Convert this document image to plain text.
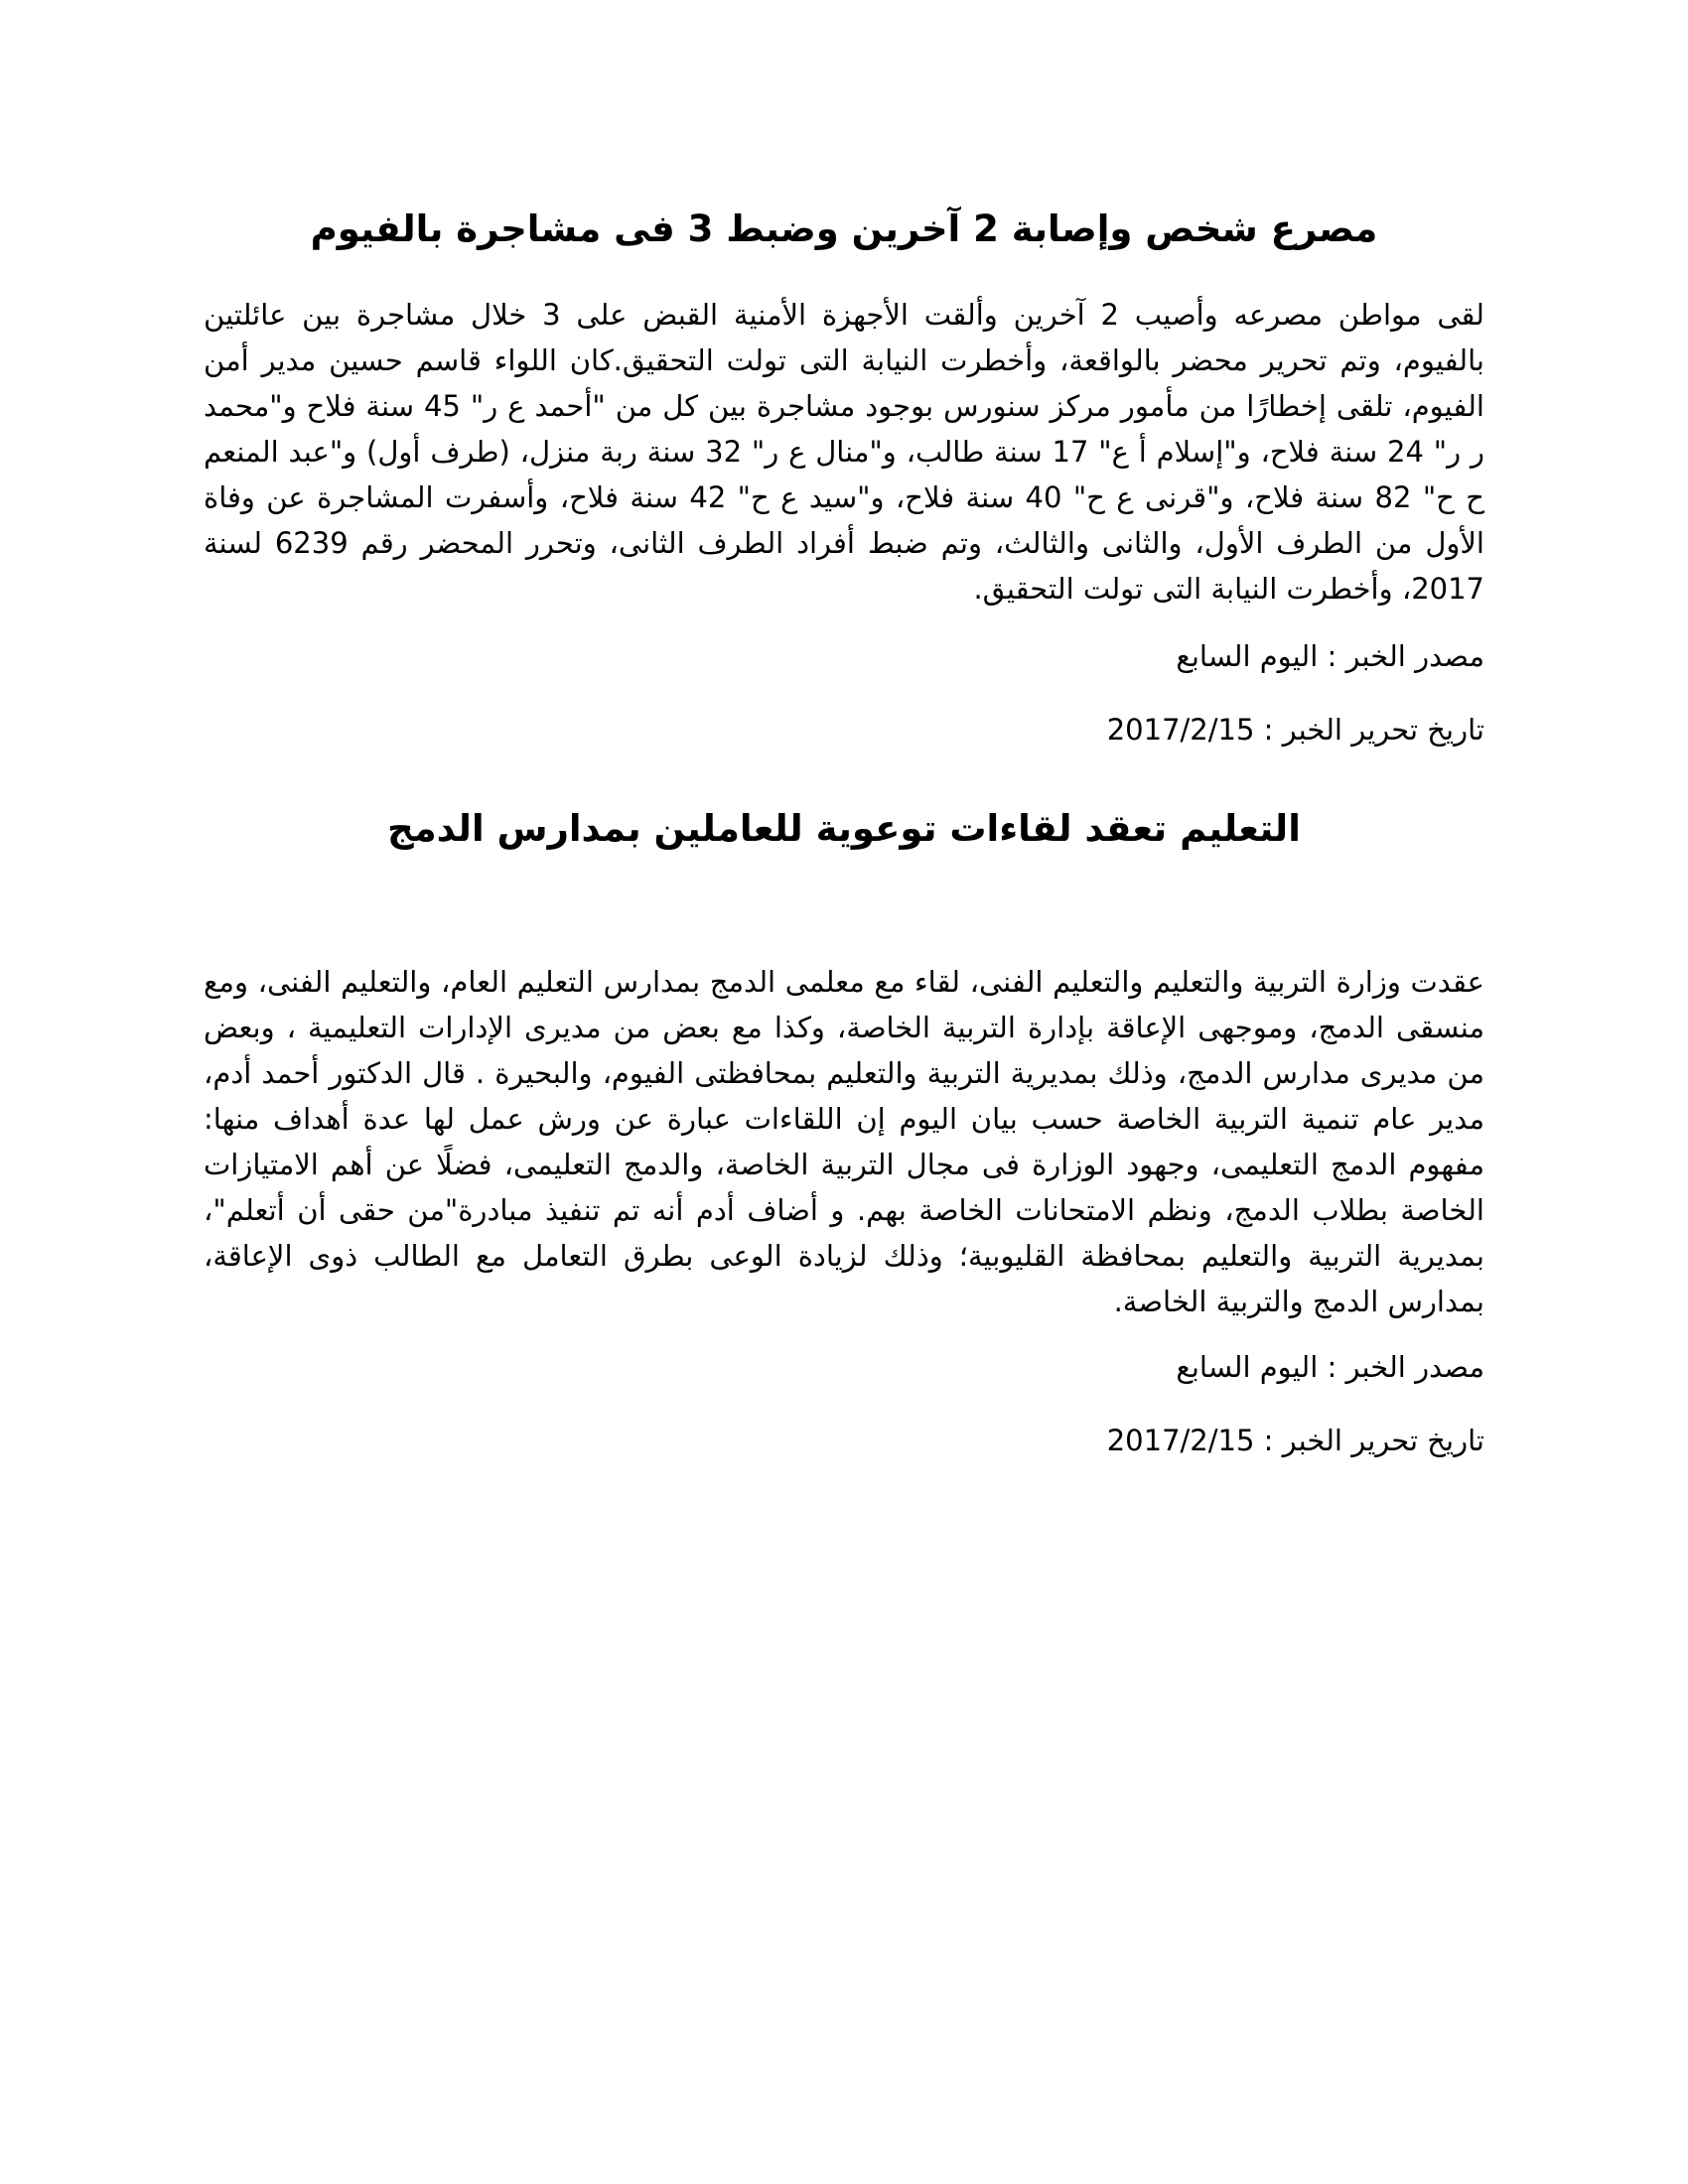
مصرع شخص وإصابة 2 آخرين وضبط 3 فى مشاجرة بالفيوم

لقى مواطن مصرعه وأصيب 2 آخرين وألقت الأجهزة الأمنية القبض على 3 خلال مشاجرة بين عائلتين بالفيوم، وتم تحرير محضر بالواقعة، وأخطرت النيابة التى تولت التحقيق.كان اللواء قاسم حسين مدير أمن الفيوم، تلقى إخطارًا من مأمور مركز سنورس بوجود مشاجرة بين كل من "أحمد ع ر" 45 سنة فلاح و"محمد ر ر" 24 سنة فلاح، و"إسلام أ ع" 17 سنة طالب، و"منال ع ر" 32 سنة ربة منزل، (طرف أول) و"عبد المنعم ح ح" 82 سنة فلاح، و"قرنى ع ح" 40 سنة فلاح، و"سيد ع ح" 42 سنة فلاح، وأسفرت المشاجرة عن وفاة الأول من الطرف الأول، والثانى والثالث، وتم ضبط أفراد الطرف الثانى، وتحرر المحضر رقم 6239 لسنة 2017، وأخطرت النيابة التى تولت التحقيق.

مصدر الخبر : اليوم السابع

تاريخ تحرير الخبر : 2017/2/15

التعليم تعقد لقاءات توعوية للعاملين بمدارس الدمج

عقدت وزارة التربية والتعليم والتعليم الفنى، لقاء مع معلمى الدمج بمدارس التعليم العام، والتعليم الفنى، ومع منسقى الدمج، وموجهى الإعاقة بإدارة التربية الخاصة، وكذا مع بعض من مديرى الإدارات التعليمية ، وبعض من مديرى مدارس الدمج، وذلك بمديرية التربية والتعليم بمحافظتى الفيوم، والبحيرة . قال الدكتور أحمد أدم، مدير عام تنمية التربية الخاصة حسب بيان اليوم إن اللقاءات عبارة عن ورش عمل لها عدة أهداف منها: مفهوم الدمج التعليمى، وجهود الوزارة فى مجال التربية الخاصة، والدمج التعليمى، فضلًا عن أهم الامتيازات الخاصة بطلاب الدمج، ونظم الامتحانات الخاصة بهم. و أضاف أدم أنه تم تنفيذ مبادرة"من حقى أن أتعلم"، بمديرية التربية والتعليم بمحافظة القليوبية؛ وذلك لزيادة الوعى بطرق التعامل مع الطالب ذوى الإعاقة، بمدارس الدمج والتربية الخاصة.

مصدر الخبر : اليوم السابع

تاريخ تحرير الخبر : 2017/2/15
